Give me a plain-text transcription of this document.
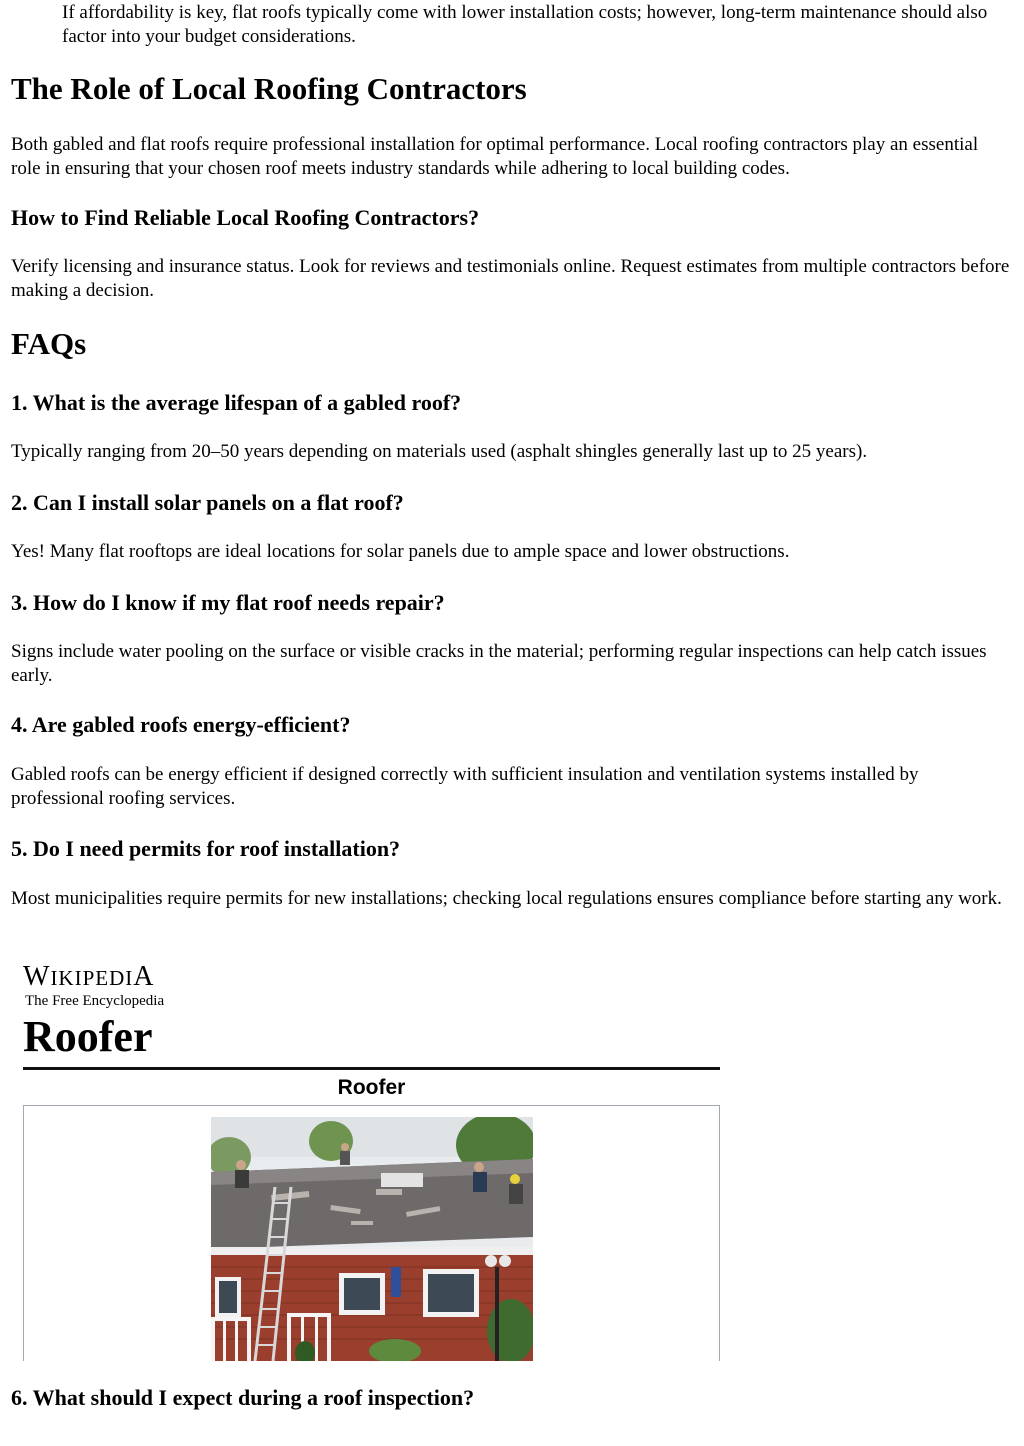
If affordability is key, flat roofs typically come with lower installation costs; however, long-term maintenance should also factor into your budget considerations.

The Role of Local Roofing Contractors

Both gabled and flat roofs require professional installation for optimal performance. Local roofing contractors play an essential role in ensuring that your chosen roof meets industry standards while adhering to local building codes.

How to Find Reliable Local Roofing Contractors?

Verify licensing and insurance status. Look for reviews and testimonials online. Request estimates from multiple contractors before making a decision.

FAQs
1. What is the average lifespan of a gabled roof?

Typically ranging from 20–50 years depending on materials used (asphalt shingles generally last up to 25 years).

2. Can I install solar panels on a flat roof?

Yes! Many flat rooftops are ideal locations for solar panels due to ample space and lower obstructions.

3. How do I know if my flat roof needs repair?

Signs include water pooling on the surface or visible cracks in the material; performing regular inspections can help catch issues early.

4. Are gabled roofs energy-efficient?

Gabled roofs can be energy efficient if designed correctly with sufficient insulation and ventilation systems installed by professional roofing services.

5. Do I need permits for roof installation?

Most municipalities require permits for new installations; checking local regulations ensures compliance before starting any work.

WIKIPEDIA
The Free Encyclopedia
Roofer
Roofer
6. What should I expect during a roof inspection?
